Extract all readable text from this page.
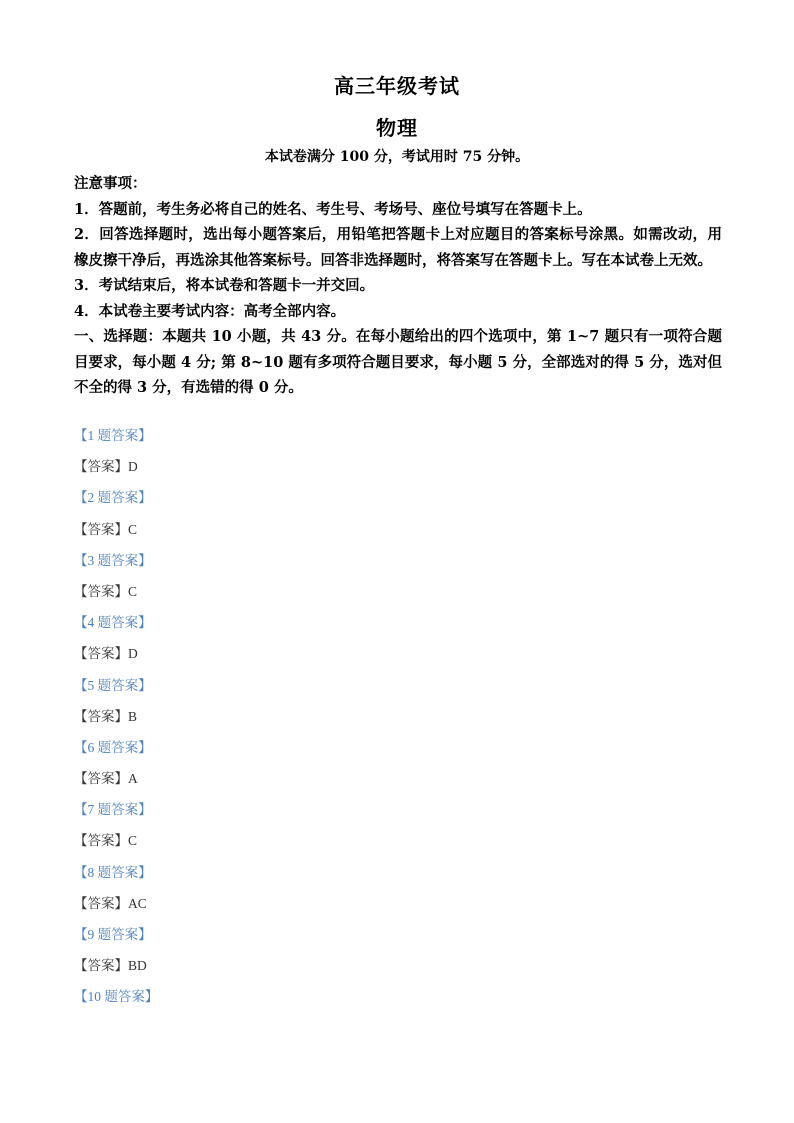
高三年级考试
物理
本试卷满分 100 分，考试用时 75 分钟。

注意事项：

1．答题前，考生务必将自己的姓名、考生号、考场号、座位号填写在答题卡上。

2．回答选择题时，选出每小题答案后，用铅笔把答题卡上对应题目的答案标号涂黑。如需改动，用橡皮擦干净后，再选涂其他答案标号。回答非选择题时，将答案写在答题卡上。写在本试卷上无效。

3．考试结束后，将本试卷和答题卡一并交回。

4．本试卷主要考试内容：高考全部内容。

一、选择题：本题共 10 小题，共 43 分。在每小题给出的四个选项中，第 1~7 题只有一项符合题目要求，每小题 4 分; 第 8~10 题有多项符合题目要求，每小题 5 分，全部选对的得 5 分，选对但不全的得 3 分，有选错的得 0 分。

【1 题答案】
【答案】D
【2 题答案】
【答案】C
【3 题答案】
【答案】C
【4 题答案】
【答案】D
【5 题答案】
【答案】B
【6 题答案】
【答案】A
【7 题答案】
【答案】C
【8 题答案】
【答案】AC
【9 题答案】
【答案】BD
【10 题答案】
